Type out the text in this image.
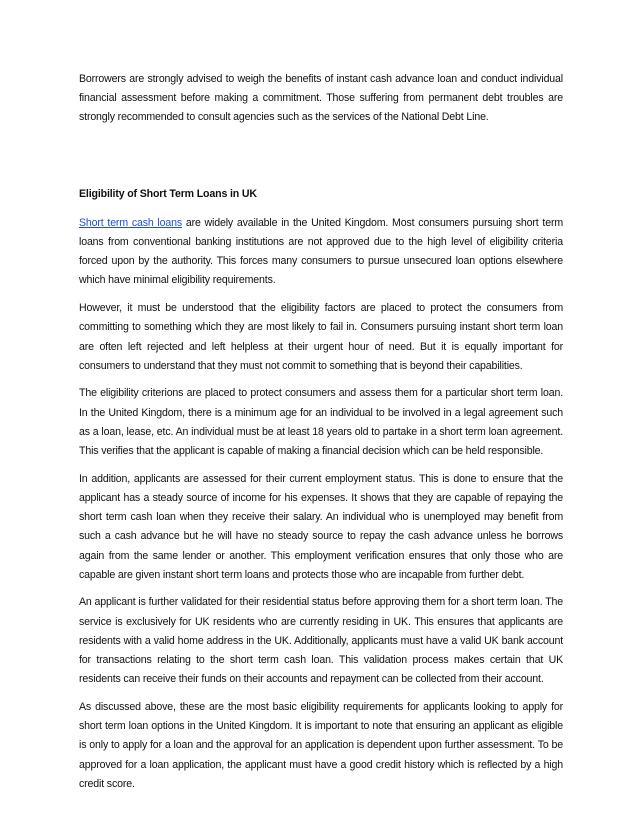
Borrowers are strongly advised to weigh the benefits of instant cash advance loan and conduct individual financial assessment before making a commitment. Those suffering from permanent debt troubles are strongly recommended to consult agencies such as the services of the National Debt Line.

Eligibility of Short Term Loans in UK

Short term cash loans are widely available in the United Kingdom. Most consumers pursuing short term loans from conventional banking institutions are not approved due to the high level of eligibility criteria forced upon by the authority. This forces many consumers to pursue unsecured loan options elsewhere which have minimal eligibility requirements.

However, it must be understood that the eligibility factors are placed to protect the consumers from committing to something which they are most likely to fail in. Consumers pursuing instant short term loan are often left rejected and left helpless at their urgent hour of need. But it is equally important for consumers to understand that they must not commit to something that is beyond their capabilities.

The eligibility criterions are placed to protect consumers and assess them for a particular short term loan. In the United Kingdom, there is a minimum age for an individual to be involved in a legal agreement such as a loan, lease, etc. An individual must be at least 18 years old to partake in a short term loan agreement. This verifies that the applicant is capable of making a financial decision which can be held responsible.

In addition, applicants are assessed for their current employment status. This is done to ensure that the applicant has a steady source of income for his expenses. It shows that they are capable of repaying the short term cash loan when they receive their salary. An individual who is unemployed may benefit from such a cash advance but he will have no steady source to repay the cash advance unless he borrows again from the same lender or another. This employment verification ensures that only those who are capable are given instant short term loans and protects those who are incapable from further debt.

An applicant is further validated for their residential status before approving them for a short term loan. The service is exclusively for UK residents who are currently residing in UK. This ensures that applicants are residents with a valid home address in the UK. Additionally, applicants must have a valid UK bank account for transactions relating to the short term cash loan. This validation process makes certain that UK residents can receive their funds on their accounts and repayment can be collected from their account.

As discussed above, these are the most basic eligibility requirements for applicants looking to apply for short term loan options in the United Kingdom. It is important to note that ensuring an applicant as eligible is only to apply for a loan and the approval for an application is dependent upon further assessment. To be approved for a loan application, the applicant must have a good credit history which is reflected by a high credit score.
